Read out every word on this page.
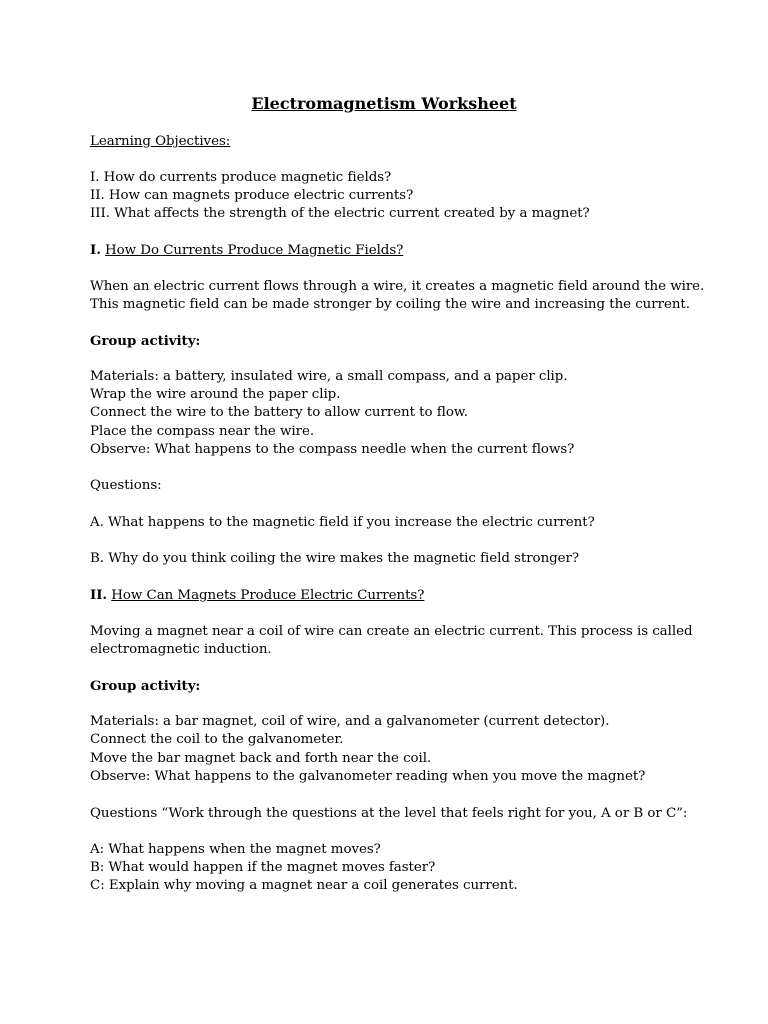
Electromagnetism Worksheet
Learning Objectives:
I. How do currents produce magnetic fields?
II. How can magnets produce electric currents?
III. What affects the strength of the electric current created by a magnet?
I. How Do Currents Produce Magnetic Fields?
When an electric current flows through a wire, it creates a magnetic field around the wire.
This magnetic field can be made stronger by coiling the wire and increasing the current.
Group activity:
Materials: a battery, insulated wire, a small compass, and a paper clip.
Wrap the wire around the paper clip.
Connect the wire to the battery to allow current to flow.
Place the compass near the wire.
Observe: What happens to the compass needle when the current flows?
Questions:
A. What happens to the magnetic field if you increase the electric current?
B. Why do you think coiling the wire makes the magnetic field stronger?
II. How Can Magnets Produce Electric Currents?
Moving a magnet near a coil of wire can create an electric current. This process is called
electromagnetic induction.
Group activity:
Materials: a bar magnet, coil of wire, and a galvanometer (current detector).
Connect the coil to the galvanometer.
Move the bar magnet back and forth near the coil.
Observe: What happens to the galvanometer reading when you move the magnet?
Questions “Work through the questions at the level that feels right for you, A or B or C”:
A: What happens when the magnet moves?
B: What would happen if the magnet moves faster?
C: Explain why moving a magnet near a coil generates current.
